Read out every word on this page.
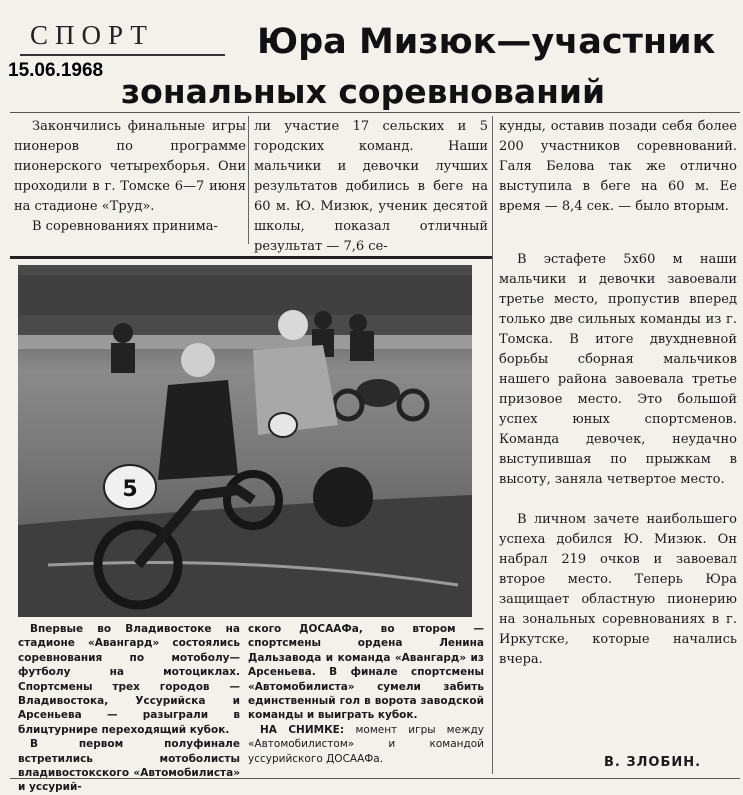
СПОРТ
15.06.1968
Юра Мизюк—участник
зональных соревнований

Закончились финальные игры пионеров по программе пионерского четырехборья. Они проходили в г. Томске 6—7 июня на стадионе «Труд».

В соревнованиях принима-

ли участие 17 сельских и 5 городских команд. Наши мальчики и девочки лучших результатов добились в беге на 60 м. Ю. Мизюк, ученик десятой школы, показал отличный результат — 7,6 се-

кунды, оставив позади себя более 200 участников соревнований. Галя Белова так же отлично выступила в беге на 60 м. Ее время — 8,4 сек. — было вторым.

В эстафете 5х60 м наши мальчики и девочки завоевали третье место, пропустив вперед только две сильных команды из г. Томска. В итоге двухдневной борьбы сборная мальчиков нашего района завоевала третье призовое место. Это большой успех юных спортсменов. Команда девочек, неудачно выступившая по прыжкам в высоту, заняла четвертое место.

В личном зачете наибольшего успеха добился Ю. Мизюк. Он набрал 219 очков и завоевал второе место. Теперь Юра защищает областную пионерию на зональных соревнованиях в г. Иркутске, которые начались вчера.

5

Впервые во Владивостоке на стадионе «Авангард» состоялись соревнования по мотоболу—футболу на мотоциклах. Спортсмены трех городов — Владивостока, Уссурийска и Арсеньева — разыграли в блицтурнире переходящий кубок.

В первом полуфинале встретились мотоболисты владивостокского «Автомобилиста» и уссурий-

ского ДОСААФа, во втором — спортсмены ордена Ленина Дальзавода и команда «Авангард» из Арсеньева. В финале спортсмены «Автомобилиста» сумели забить единственный гол в ворота заводской команды и выиграть кубок.

НА СНИМКЕ: момент игры между «Автомобилистом» и командой уссурийского ДОСААФа.	В. ЗЛОБИН.
